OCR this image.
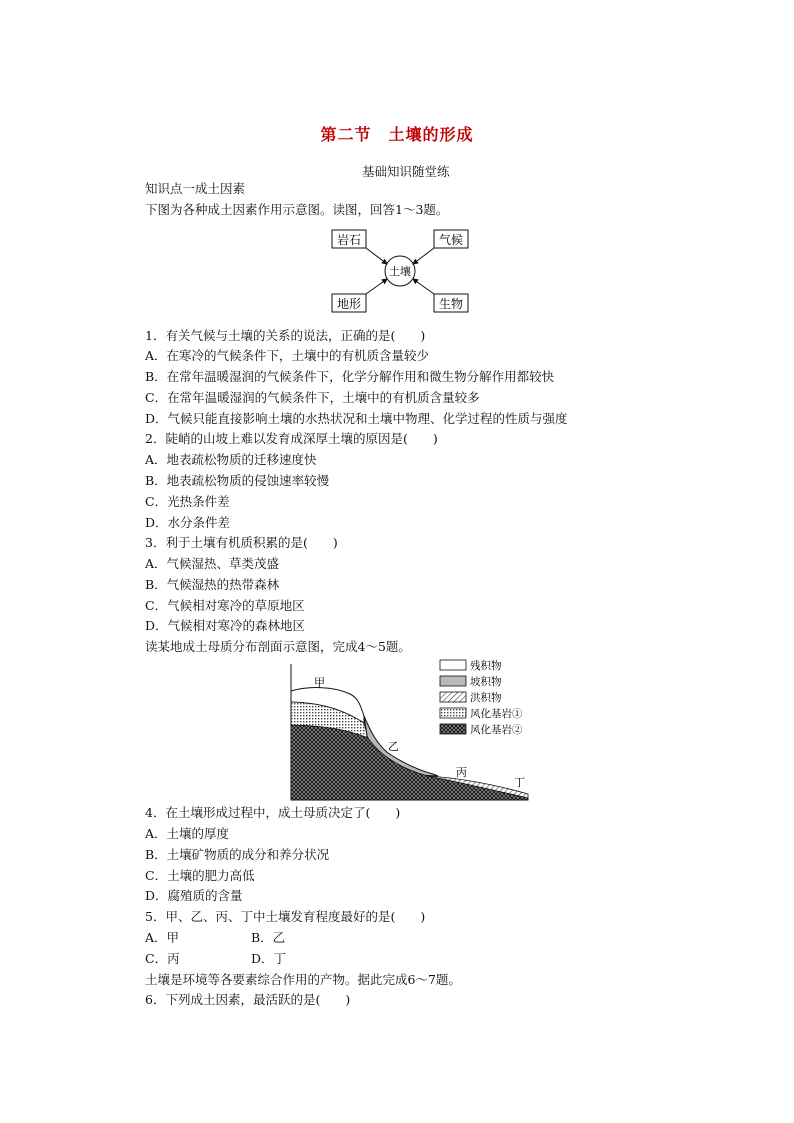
第二节　土壤的形成
基础知识随堂练
知识点一成土因素
下图为各种成土因素作用示意图。读图，回答1～3题。
岩石	气候
地形	生物
土壤
1．有关气候与土壤的关系的说法，正确的是(　　)
A．在寒冷的气候条件下，土壤中的有机质含量较少
B．在常年温暖湿润的气候条件下，化学分解作用和微生物分解作用都较快
C．在常年温暖湿润的气候条件下，土壤中的有机质含量较多
D．气候只能直接影响土壤的水热状况和土壤中物理、化学过程的性质与强度
2．陡峭的山坡上难以发育成深厚土壤的原因是(　　)
A．地表疏松物质的迁移速度快
B．地表疏松物质的侵蚀速率较慢
C．光热条件差
D．水分条件差
3．利于土壤有机质积累的是(　　)
A．气候湿热、草类茂盛
B．气候湿热的热带森林
C．气候相对寒冷的草原地区
D．气候相对寒冷的森林地区
读某地成土母质分布剖面示意图，完成4～5题。
甲
乙
丙
丁
残积物
坡积物
洪积物
风化基岩①
风化基岩②
4．在土壤形成过程中，成土母质决定了(　　)
A．土壤的厚度
B．土壤矿物质的成分和养分状况
C．土壤的肥力高低
D．腐殖质的含量
5．甲、乙、丙、丁中土壤发育程度最好的是(　　)
A．甲	B．乙
C．丙	D．丁
土壤是环境等各要素综合作用的产物。据此完成6～7题。
6．下列成土因素，最活跃的是(　　)
